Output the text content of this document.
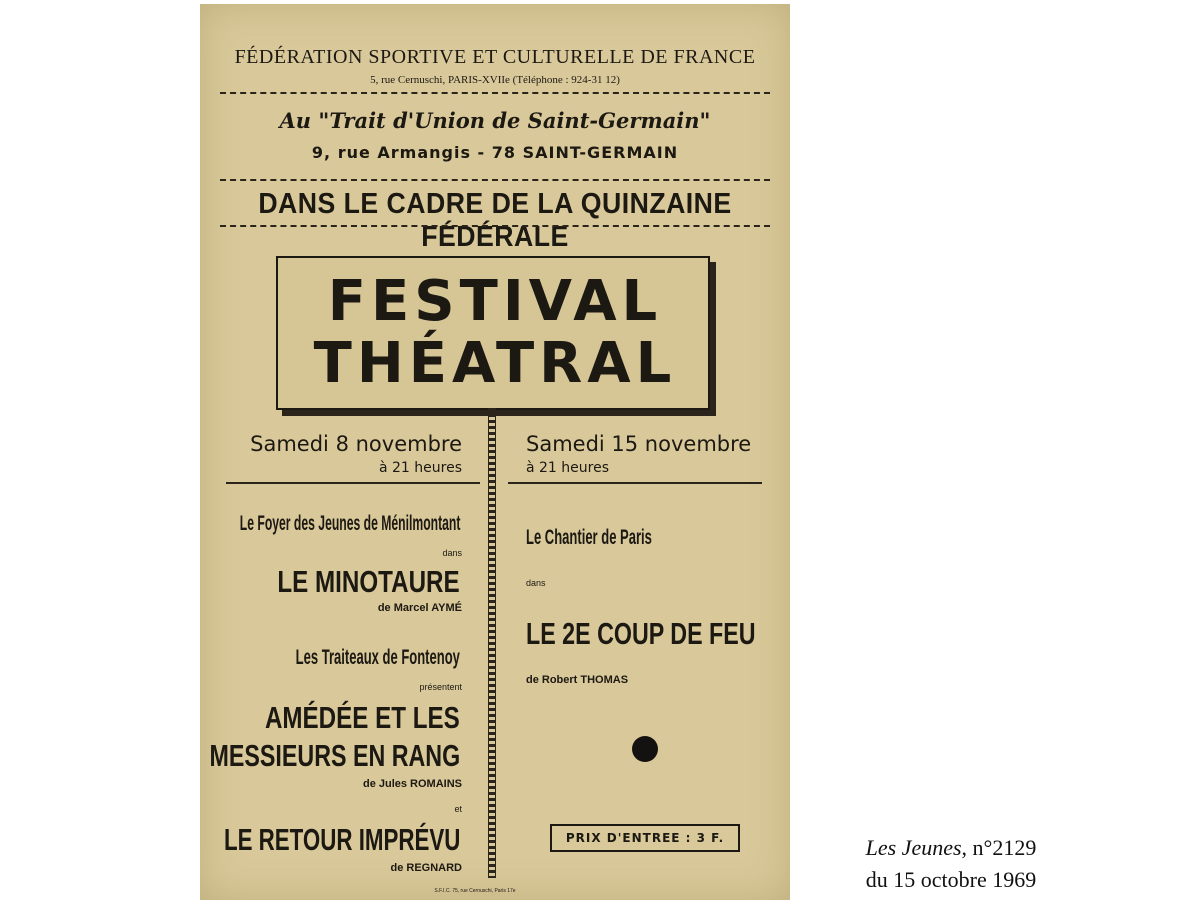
FÉDÉRATION SPORTIVE ET CULTURELLE DE FRANCE
5, rue Cernuschi, PARIS-XVIIe (Téléphone : 924-31 12)
Au "Trait d'Union de Saint-Germain"
9, rue Armangis - 78 SAINT-GERMAIN
DANS LE CADRE DE LA QUINZAINE FÉDÉRALE
FESTIVAL
THÉATRAL
Samedi 8 novembre
à 21 heures
Le Foyer des Jeunes de Ménilmontant
dans
LE MINOTAURE
de Marcel AYMÉ
Les Traiteaux de Fontenoy
présentent
AMÉDÉE ET LES
MESSIEURS EN RANG
de Jules ROMAINS
et
LE RETOUR IMPRÉVU
de REGNARD
Samedi 15 novembre
à 21 heures
Le Chantier de Paris
dans
LE 2E COUP DE FEU
de Robert THOMAS
PRIX D'ENTREE : 3 F.
S.F.I.C. 75, rue Cernuschi, Paris 17e
Les Jeunes, n°2129
du 15 octobre 1969
